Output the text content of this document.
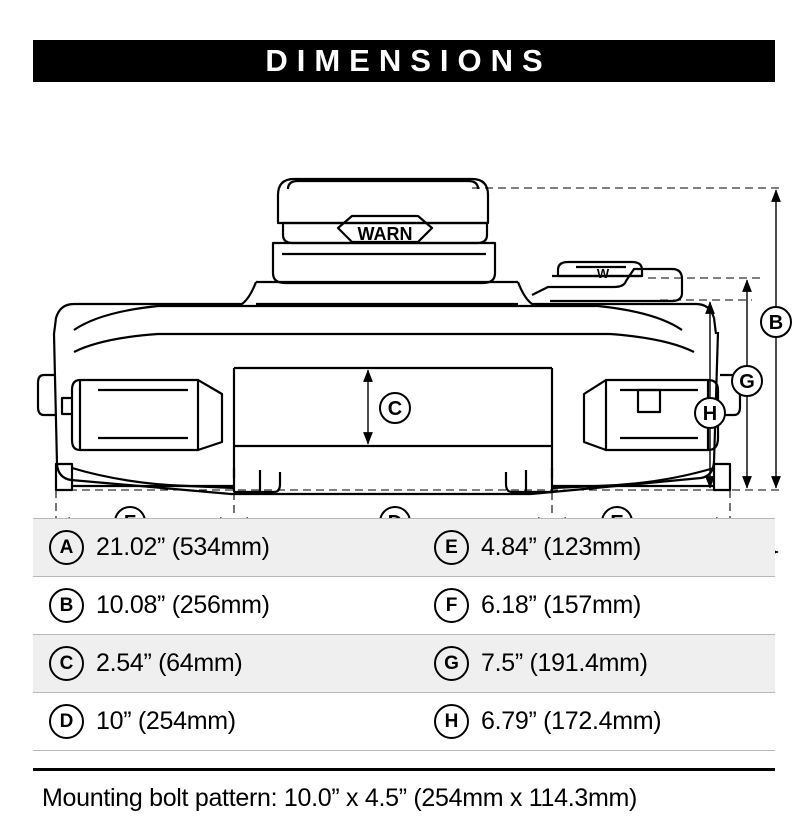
DIMENSIONS
WARN
W
B
C
G
H
A 21.02” (534mm)	E 4.84” (123mm)
B 10.08” (256mm)	F 6.18” (157mm)
C 2.54” (64mm)	G 7.5” (191.4mm)
D 10” (254mm)	H 6.79” (172.4mm)
Mounting bolt pattern: 10.0” x 4.5” (254mm x 114.3mm)
